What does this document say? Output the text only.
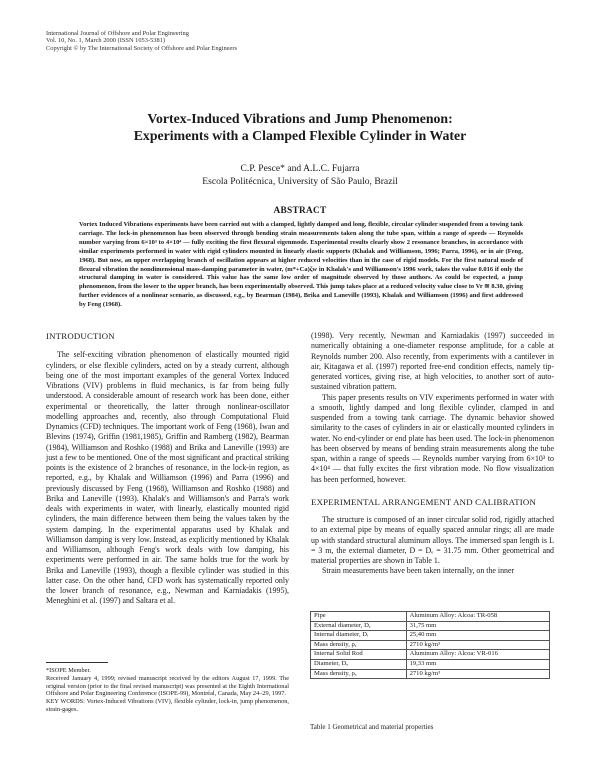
International Journal of Offshore and Polar Engineering
Vol. 10, No. 1, March 2000 (ISSN 1053-5381)
Copyright © by The International Society of Offshore and Polar Engineers
Vortex-Induced Vibrations and Jump Phenomenon:
Experiments with a Clamped Flexible Cylinder in Water
C.P. Pesce* and A.L.C. Fujarra
Escola Politécnica, University of São Paulo, Brazil
ABSTRACT
Vortex Induced Vibrations experiments have been carried out with a clamped, lightly damped and long, flexible, circular cylinder suspended from a towing tank carriage. The lock-in phenomenon has been observed through bending strain measurements taken along the tube span, within a range of speeds — Reynolds number varying from 6×10³ to 4×10⁴ — fully exciting the first flexural eigenmode. Experimental results clearly show 2 resonance branches, in accordance with similar experiments performed in water with rigid cylinders mounted in linearly elastic supports (Khalak and Williamson, 1996; Parra, 1996), or in air (Feng, 1968). But now, an upper overlapping branch of oscillation appears at higher reduced velocities than in the case of rigid models. For the first natural mode of flexural vibration the nondimensional mass-damping parameter in water, (m*+Ca)ζw in Khalak's and Williamson's 1996 work, takes the value 0.016 if only the structural damping in water is considered. This value has the same low order of magnitude observed by those authors. As could be expected, a jump phenomenon, from the lower to the upper branch, has been experimentally observed. This jump takes place at a reduced velocity value close to Vr ≅ 8.30, giving further evidences of a nonlinear scenario, as discussed, e.g., by Bearman (1984), Brika and Laneville (1993), Khalak and Williamson (1996) and first addressed by Feng (1968).
INTRODUCTION

The self-exciting vibration phenomenon of elastically mounted rigid cylinders, or else flexible cylinders, acted on by a steady current, although being one of the most important examples of the general Vortex Induced Vibrations (VIV) problems in fluid mechanics, is far from being fully understood. A considerable amount of research work has been done, either experimental or theoretically, the latter through nonlinear-oscillator modelling approaches and, recently, also through Computational Fluid Dynamics (CFD) techniques. The important work of Feng (1968), Iwan and Blevins (1974), Griffin (1981,1985), Griffin and Ramberg (1982), Bearman (1984), Williamson and Roshko (1988) and Brika and Laneville (1993) are just a few to be mentioned. One of the most significant and practical striking points is the existence of 2 branches of resonance, in the lock-in region, as reported, e.g., by Khalak and Williamson (1996) and Parra (1996) and previously discussed by Feng (1968), Williamson and Roshko (1988) and Brika and Laneville (1993). Khalak's and Williamson's and Parra's work deals with experiments in water, with linearly, elastically mounted rigid cylinders, the main difference between them being the values taken by the system damping. In the experimental apparatus used by Khalak and Williamson damping is very low. Instead, as explicitly mentioned by Khalak and Williamson, although Feng's work deals with low damping, his experiments were performed in air. The same holds true for the work by Brika and Laneville (1993), though a flexible cylinder was studied in this latter case. On the other hand, CFD work has systematically reported only the lower branch of resonance, e.g., Newman and Karniadakis (1995), Meneghini et al. (1997) and Saltara et al.

*ISOPE Member.
Received January 4, 1999; revised manuscript received by the editors August 17, 1999. The original version (prior to the final revised manuscript) was presented at the Eighth International Offshore and Polar Engineering Conference (ISOPE-99), Montréal, Canada, May 24–29, 1997.
KEY WORDS: Vortex-Induced Vibrations (VIV), flexible cylinder, lock-in, jump phenomenon, strain-gages.

(1998). Very recently, Newman and Karniadakis (1997) succeeded in numerically obtaining a one-diameter response amplitude, for a cable at Reynolds number 200. Also recently, from experiments with a cantilever in air, Kitagawa et al. (1997) reported free-end condition effects, namely tip-generated vortices, giving rise, at high velocities, to another sort of auto-sustained vibration pattern.

This paper presents results on VIV experiments performed in water with a smooth, lightly damped and long flexible cylinder, clamped in and suspended from a towing tank carriage. The dynamic behavior showed similarity to the cases of cylinders in air or elastically mounted cylinders in water. No end-cylinder or end plate has been used. The lock-in phenomenon has been observed by means of bending strain measurements along the tube span, within a range of speeds — Reynolds number varying from 6×10³ to 4×10⁴ — that fully excites the first vibration mode. No flow visualization has been performed, however.

EXPERIMENTAL ARRANGEMENT AND CALIBRATION

The structure is composed of an inner circular solid rod, rigidly attached to an external pipe by means of equally spaced annular rings; all are made up with standard structural aluminum alloys. The immersed span length is L = 3 m, the external diameter, D = Dₑ = 31.75 mm. Other geometrical and material properties are shown in Table 1.

Strain measurements have been taken internally, on the inner

Pipe	Aluminum Alloy: Alcoa: TR-058
External diameter, Dₑ	31,75 mm
Internal diameter, Dᵢ	25,40 mm
Mass density, ρₑ	2710 kg/m³
Internal Solid Rod	Aluminum Alloy: Alcoa: VR-016
Diameter, Dₐ	19,33 mm
Mass density, ρₐ	2710 kg/m³
Table 1 Geometrical and material properties
